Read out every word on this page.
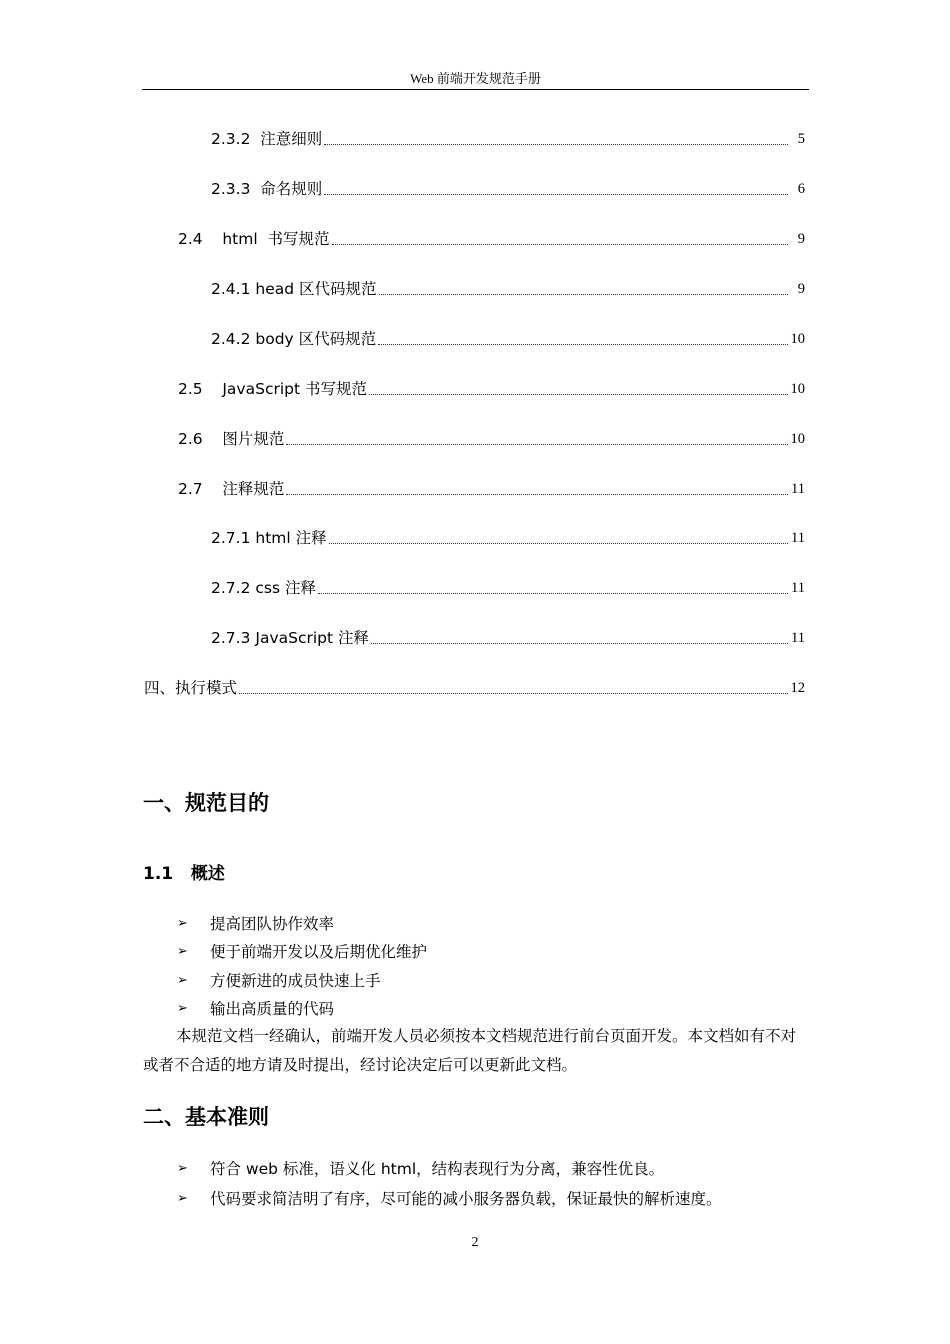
Web 前端开发规范手册
2.3.2 注意细则	5
2.3.3 命名规则	6
2.4 html  书写规范	9
2.4.1 head 区代码规范	9
2.4.2 body 区代码规范	10
2.5 JavaScript 书写规范	10
2.6 图片规范	10
2.7 注释规范	11
2.7.1 html 注释	11
2.7.2 css 注释	11
2.7.3 JavaScript 注释	11
四、执行模式	12
一、规范目的
1.1   概述
➢	提高团队协作效率
➢	便于前端开发以及后期优化维护
➢	方便新进的成员快速上手
➢	输出高质量的代码
本规范文档一经确认，前端开发人员必须按本文档规范进行前台页面开发。本文档如有不对或者不合适的地方请及时提出，经讨论决定后可以更新此文档。
二、基本准则
➢	符合 web 标准，语义化 html，结构表现行为分离，兼容性优良。
➢	代码要求简洁明了有序，尽可能的减小服务器负载，保证最快的解析速度。
2
